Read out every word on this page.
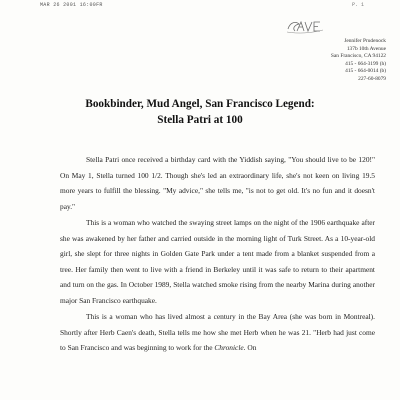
MAR 26 2001 16:00FR	P. 1
Jennifer Prudenock
137b 10th Avenue
San Francisco, CA 94122
415 - 664-3199 (h)
415 - 664-0014 (b)
227-60-8079
Bookbinder, Mud Angel, San Francisco Legend:
Stella Patri at 100

Stella Patri once received a birthday card with the Yiddish saying, "You should live to be 120!" On May 1, Stella turned 100 1/2. Though she's led an extraordinary life, she's not keen on living 19.5 more years to fulfill the blessing. "My advice," she tells me, "is not to get old. It's no fun and it doesn't pay."

This is a woman who watched the swaying street lamps on the night of the 1906 earthquake after she was awakened by her father and carried outside in the morning light of Turk Street. As a 10-year-old girl, she slept for three nights in Golden Gate Park under a tent made from a blanket suspended from a tree. Her family then went to live with a friend in Berkeley until it was safe to return to their apartment and turn on the gas. In October 1989, Stella watched smoke rising from the nearby Marina during another major San Francisco earthquake.

This is a woman who has lived almost a century in the Bay Area (she was born in Montreal). Shortly after Herb Caen's death, Stella tells me how she met Herb when he was 21. "Herb had just come to San Francisco and was beginning to work for the Chronicle. On
